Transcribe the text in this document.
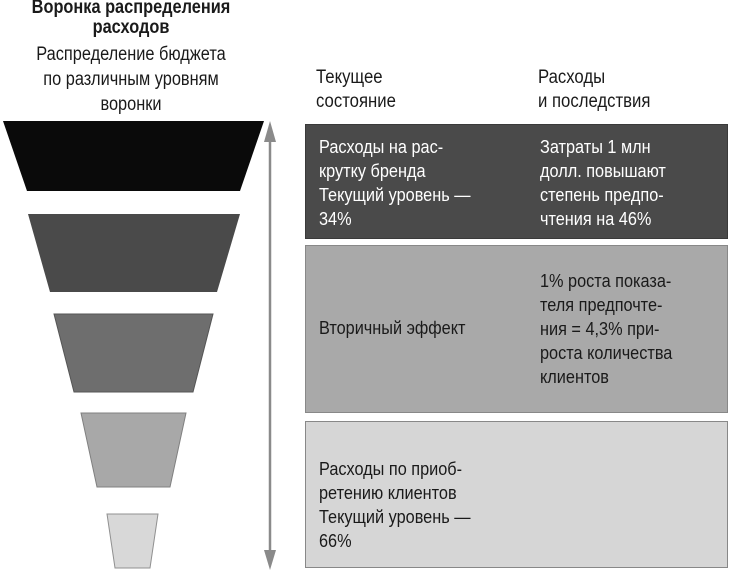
Воронка распределения
расходов
Распределение бюджета
по различным уровням
воронки
Текущее
состояние
Расходы
и последствия
Расходы на рас-
крутку бренда
Текущий уровень —
34%
Затраты 1 млн
долл. повышают
степень предпо-
чтения на 46%
Вторичный эффект
1% роста показа-
теля предпочте-
ния = 4,3% при-
роста количества
клиентов
Расходы по приоб-
ретению клиентов
Текущий уровень —
66%
